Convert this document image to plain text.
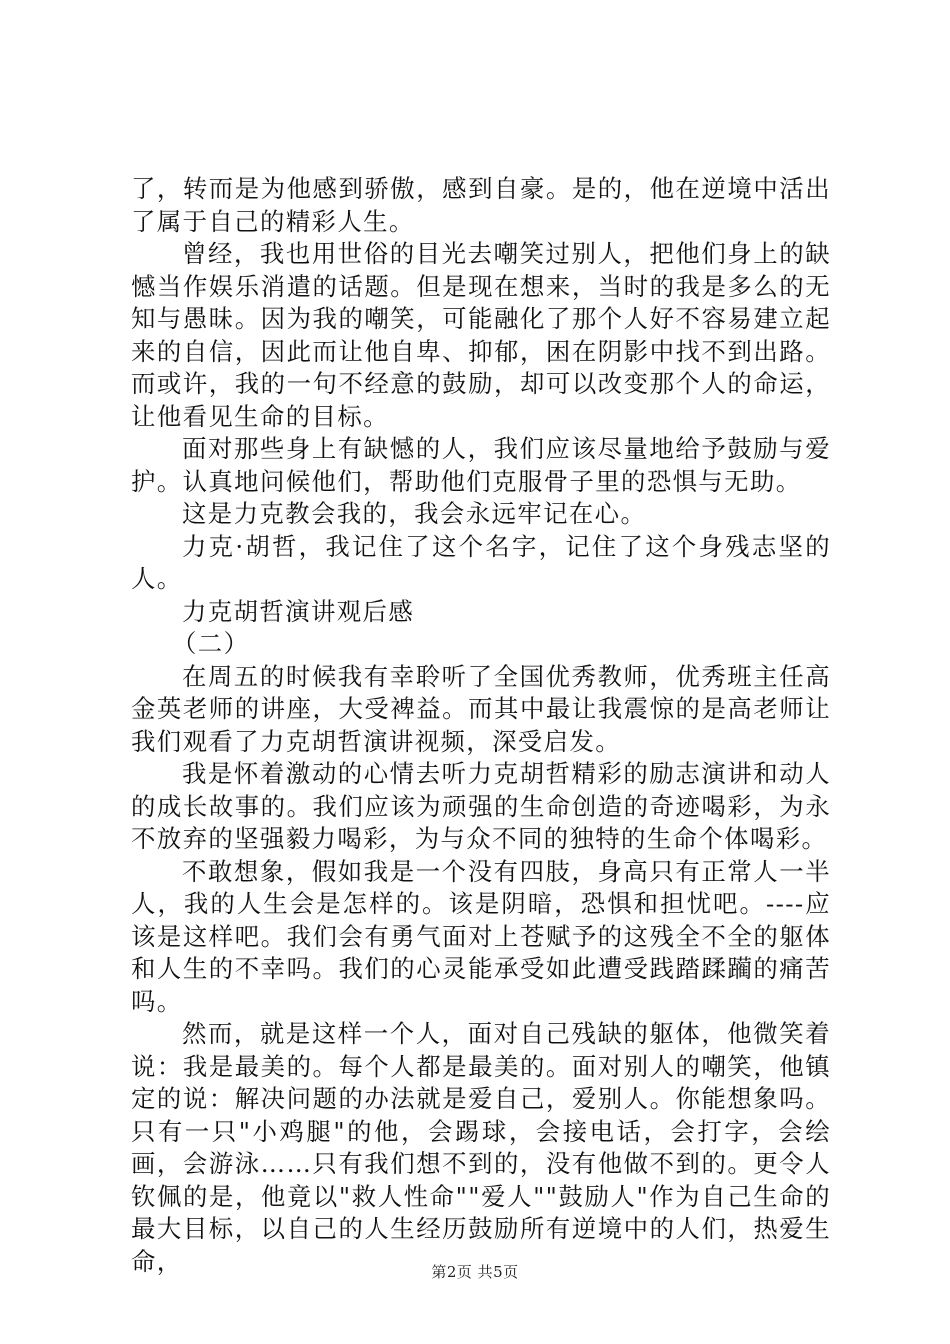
了，转而是为他感到骄傲，感到自豪。是的，他在逆境中活出了属于自己的精彩人生。

曾经，我也用世俗的目光去嘲笑过别人，把他们身上的缺憾当作娱乐消遣的话题。但是现在想来，当时的我是多么的无知与愚昧。因为我的嘲笑，可能融化了那个人好不容易建立起来的自信，因此而让他自卑、抑郁，困在阴影中找不到出路。而或许，我的一句不经意的鼓励，却可以改变那个人的命运，让他看见生命的目标。

面对那些身上有缺憾的人，我们应该尽量地给予鼓励与爱护。认真地问候他们，帮助他们克服骨子里的恐惧与无助。

这是力克教会我的，我会永远牢记在心。

力克·胡哲，我记住了这个名字，记住了这个身残志坚的人。

力克胡哲演讲观后感

（二）

在周五的时候我有幸聆听了全国优秀教师，优秀班主任高金英老师的讲座，大受裨益。而其中最让我震惊的是高老师让我们观看了力克胡哲演讲视频，深受启发。

我是怀着激动的心情去听力克胡哲精彩的励志演讲和动人的成长故事的。我们应该为顽强的生命创造的奇迹喝彩，为永不放弃的坚强毅力喝彩，为与众不同的独特的生命个体喝彩。

不敢想象，假如我是一个没有四肢，身高只有正常人一半人，我的人生会是怎样的。该是阴暗，恐惧和担忧吧。----应该是这样吧。我们会有勇气面对上苍赋予的这残全不全的躯体和人生的不幸吗。我们的心灵能承受如此遭受践踏蹂躏的痛苦吗。

然而，就是这样一个人，面对自己残缺的躯体，他微笑着说：我是最美的。每个人都是最美的。面对别人的嘲笑，他镇定的说：解决问题的办法就是爱自己，爱别人。你能想象吗。只有一只"小鸡腿"的他，会踢球，会接电话，会打字，会绘画，会游泳……只有我们想不到的，没有他做不到的。更令人钦佩的是，他竟以"救人性命""爱人""鼓励人"作为自己生命的最大目标，以自己的人生经历鼓励所有逆境中的人们，热爱生命，	第2页 共5页
